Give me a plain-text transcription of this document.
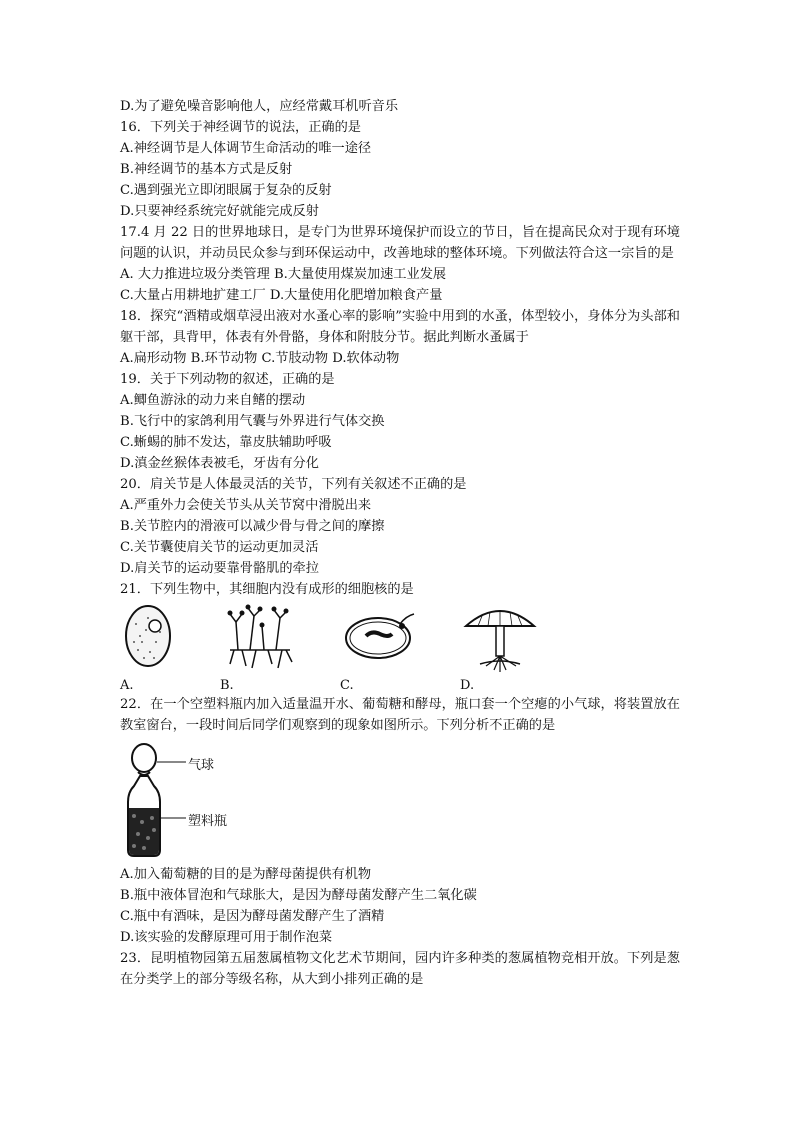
D.为了避免噪音影响他人，应经常戴耳机听音乐
16．下列关于神经调节的说法，正确的是
A.神经调节是人体调节生命活动的唯一途径
B.神经调节的基本方式是反射
C.遇到强光立即闭眼属于复杂的反射
D.只要神经系统完好就能完成反射
17.4 月 22 日的世界地球日，是专门为世界环境保护而设立的节日，旨在提高民众对于现有环境问题的认识，并动员民众参与到环保运动中，改善地球的整体环境。下列做法符合这一宗旨的是
A. 大力推进垃圾分类管理 B.大量使用煤炭加速工业发展
C.大量占用耕地扩建工厂 D.大量使用化肥增加粮食产量
18．探究“酒精或烟草浸出液对水蚤心率的影响”实验中用到的水蚤，体型较小，身体分为头部和躯干部，具背甲，体表有外骨骼，身体和附肢分节。据此判断水蚤属于
A.扁形动物 B.环节动物 C.节肢动物 D.软体动物
19．关于下列动物的叙述，正确的是
A.鲫鱼游泳的动力来自鳍的摆动
B.飞行中的家鸽利用气囊与外界进行气体交换
C.蜥蜴的肺不发达，靠皮肤辅助呼吸
D.滇金丝猴体表被毛，牙齿有分化
20．肩关节是人体最灵活的关节，下列有关叙述不正确的是
A.严重外力会使关节头从关节窝中滑脱出来
B.关节腔内的滑液可以减少骨与骨之间的摩擦
C.关节囊使肩关节的运动更加灵活
D.肩关节的运动要靠骨骼肌的牵拉
21．下列生物中，其细胞内没有成形的细胞核的是
A.	B.	C.	D.
22．在一个空塑料瓶内加入适量温开水、葡萄糖和酵母，瓶口套一个空瘪的小气球，将装置放在教室窗台，一段时间后同学们观察到的现象如图所示。下列分析不正确的是
气球
塑料瓶
A.加入葡萄糖的目的是为酵母菌提供有机物
B.瓶中液体冒泡和气球胀大，是因为酵母菌发酵产生二氧化碳
C.瓶中有酒味，是因为酵母菌发酵产生了酒精
D.该实验的发酵原理可用于制作泡菜
23．昆明植物园第五届葱属植物文化艺术节期间，园内许多种类的葱属植物竞相开放。下列是葱在分类学上的部分等级名称，从大到小排列正确的是
